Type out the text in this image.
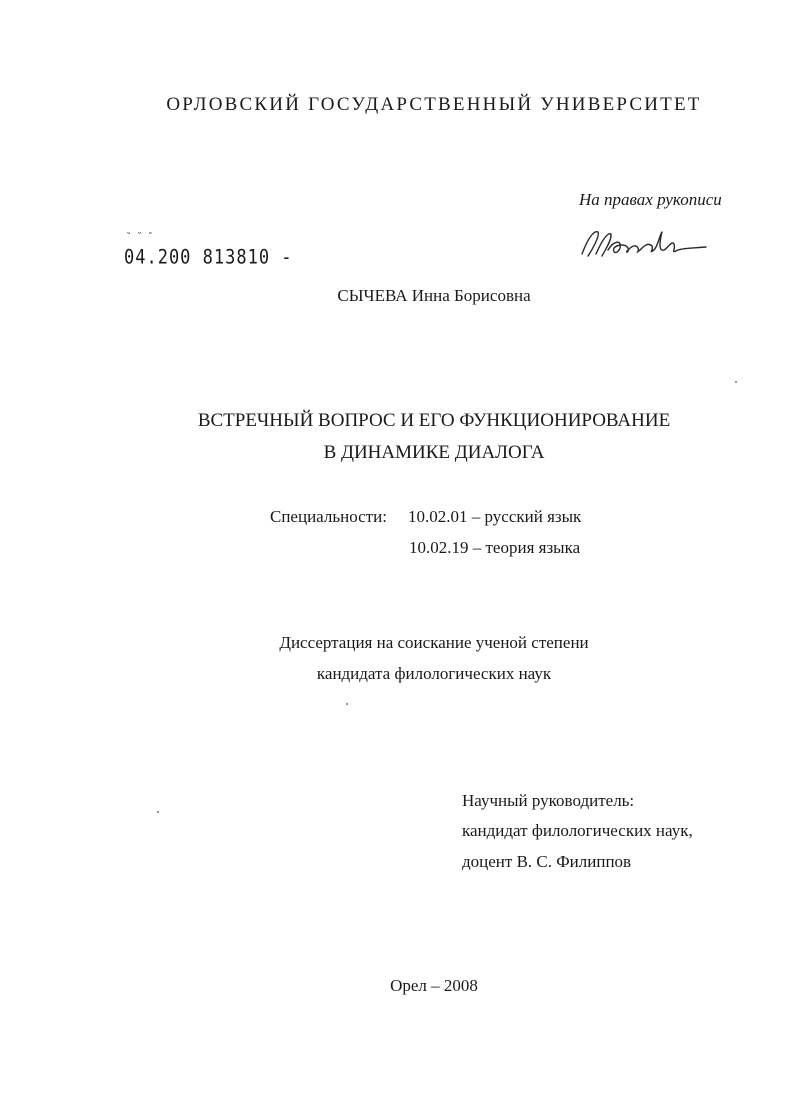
ОРЛОВСКИЙ ГОСУДАРСТВЕННЫЙ УНИВЕРСИТЕТ
На правах рукописи
˘ ˘ ˘
04.200 813810 -
СЫЧЕВА Инна Борисовна
ВСТРЕЧНЫЙ ВОПРОС И ЕГО ФУНКЦИОНИРОВАНИЕ
В ДИНАМИКЕ ДИАЛОГА
Специальности: 10.02.01 – русский язык
10.02.19 – теория языка
Диссертация на соискание ученой степени
кандидата филологических наук
Научный руководитель:
кандидат филологических наук,
доцент В. С. Филиппов
Орел – 2008
